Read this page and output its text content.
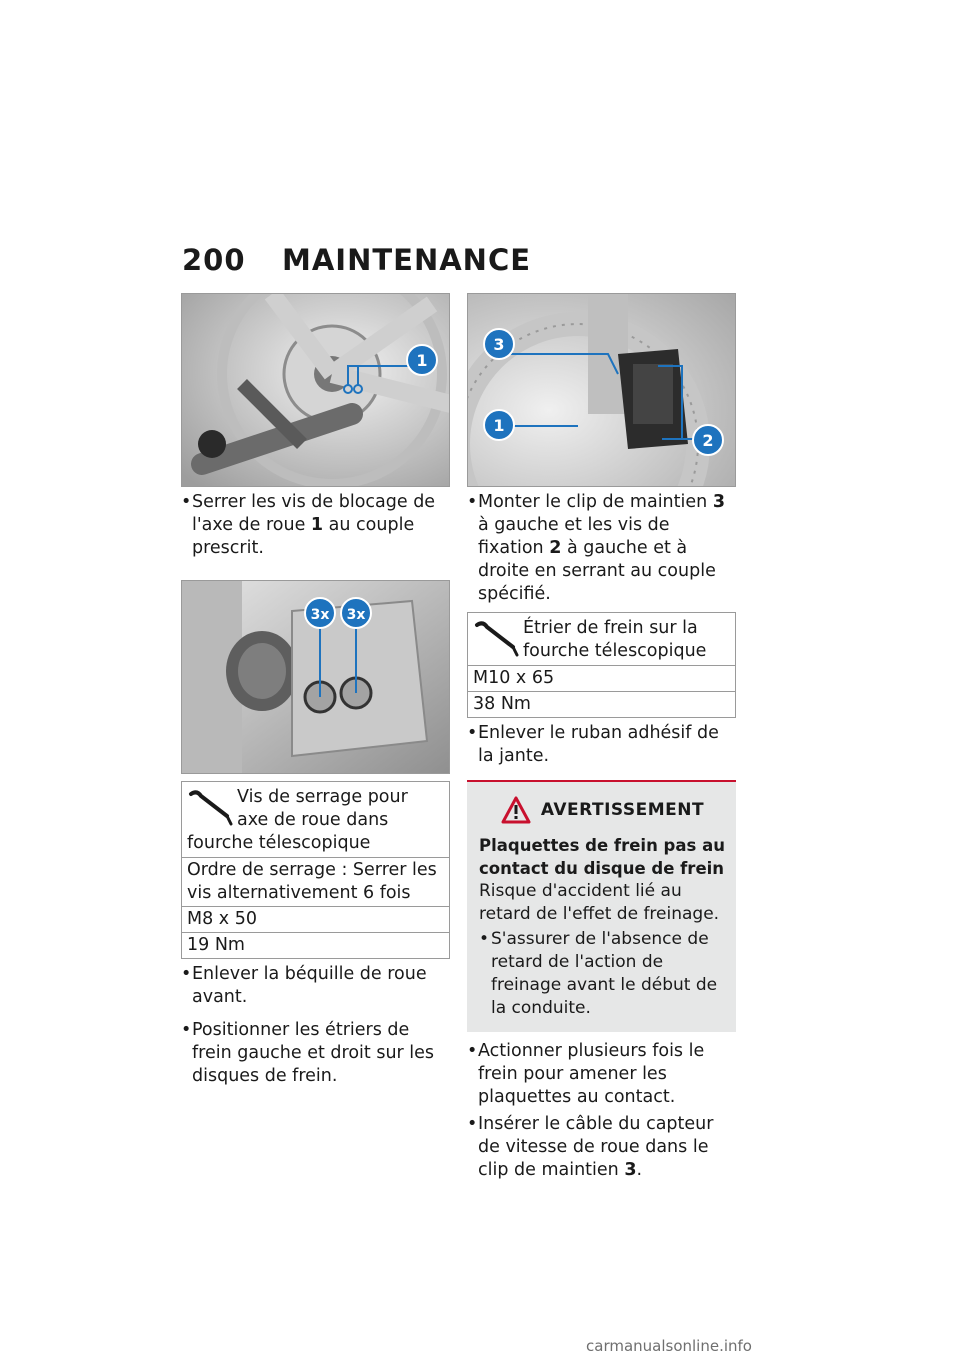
200	MAINTENANCE
1
• Serrer les vis de blocage de l'axe de roue 1 au couple prescrit.
3x 3x
Vis de serrage pour axe de roue dans fourche télescopique
Ordre de serrage : Serrer les vis alternativement 6 fois
M8 x 50
19 Nm
• Enlever la béquille de roue avant.
• Positionner les étriers de frein gauche et droit sur les disques de frein.
3
1
2
• Monter le clip de maintien 3 à gauche et les vis de fixation 2 à gauche et à droite en serrant au couple spécifié.
Étrier de frein sur la fourche télescopique
M10 x 65
38 Nm
• Enlever le ruban adhésif de la jante.
AVERTISSEMENT
Plaquettes de frein pas au contact du disque de frein
Risque d'accident lié au retard de l'effet de freinage.
• S'assurer de l'absence de retard de l'action de freinage avant le début de la conduite.
• Actionner plusieurs fois le frein pour amener les plaquettes au contact.
• Insérer le câble du capteur de vitesse de roue dans le clip de maintien 3.
carmanualsonline.info
